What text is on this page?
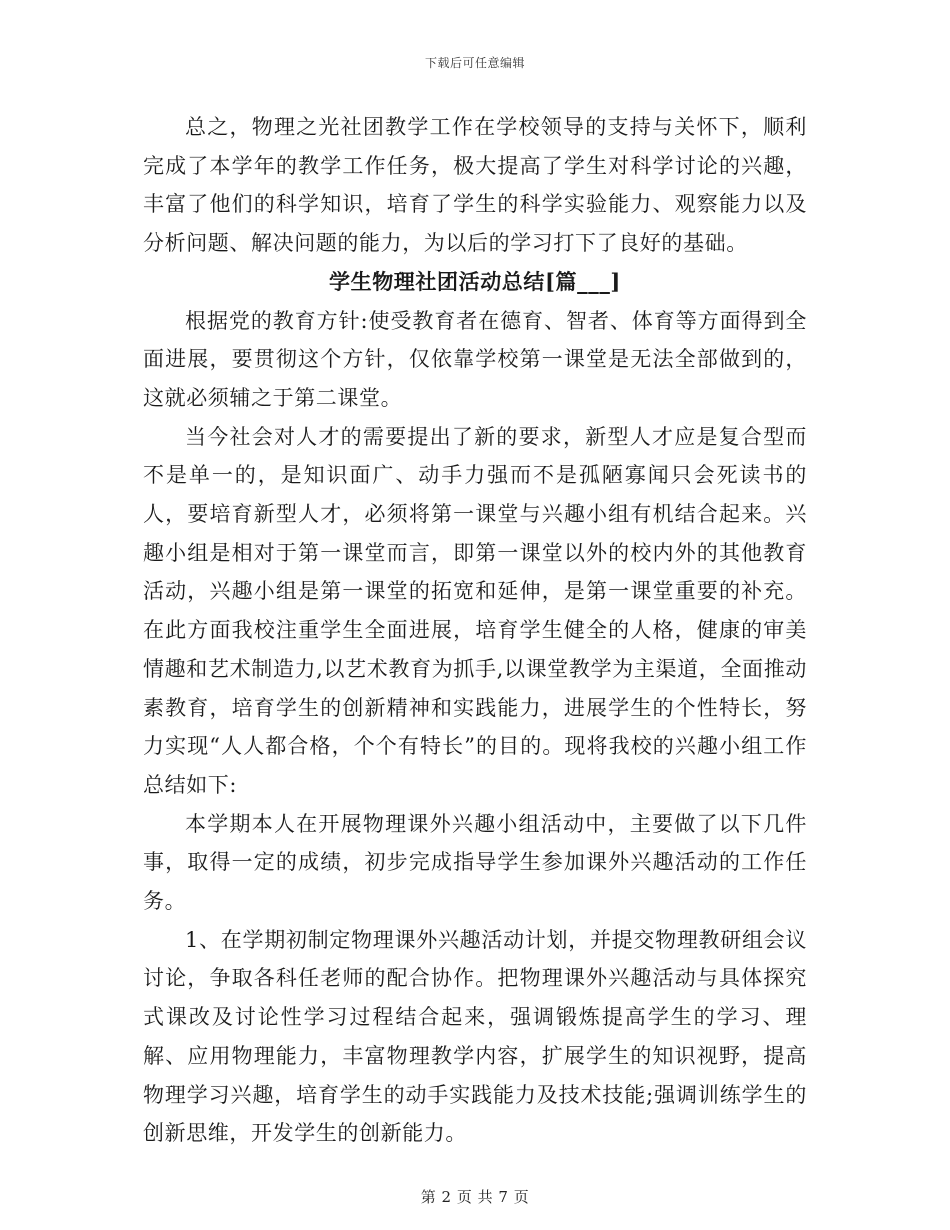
下载后可任意编辑

总之，物理之光社团教学工作在学校领导的支持与关怀下，顺利完成了本学年的教学工作任务，极大提高了学生对科学讨论的兴趣，丰富了他们的科学知识，培育了学生的科学实验能力、观察能力以及分析问题、解决问题的能力，为以后的学习打下了良好的基础。

学生物理社团活动总结[篇___]

根据党的教育方针:使受教育者在德育、智者、体育等方面得到全面进展，要贯彻这个方针，仅依靠学校第一课堂是无法全部做到的，这就必须辅之于第二课堂。

当今社会对人才的需要提出了新的要求，新型人才应是复合型而不是单一的，是知识面广、动手力强而不是孤陋寡闻只会死读书的人，要培育新型人才，必须将第一课堂与兴趣小组有机结合起来。兴趣小组是相对于第一课堂而言，即第一课堂以外的校内外的其他教育活动，兴趣小组是第一课堂的拓宽和延伸，是第一课堂重要的补充。在此方面我校注重学生全面进展，培育学生健全的人格，健康的审美情趣和艺术制造力,以艺术教育为抓手,以课堂教学为主渠道，全面推动素教育，培育学生的创新精神和实践能力，进展学生的个性特长，努力实现“人人都合格，个个有特长”的目的。现将我校的兴趣小组工作总结如下:

本学期本人在开展物理课外兴趣小组活动中，主要做了以下几件事，取得一定的成绩，初步完成指导学生参加课外兴趣活动的工作任务。

1、在学期初制定物理课外兴趣活动计划，并提交物理教研组会议讨论，争取各科任老师的配合协作。把物理课外兴趣活动与具体探究式课改及讨论性学习过程结合起来，强调锻炼提高学生的学习、理解、应用物理能力，丰富物理教学内容，扩展学生的知识视野，提高物理学习兴趣，培育学生的动手实践能力及技术技能;强调训练学生的创新思维，开发学生的创新能力。

第 2 页 共 7 页
